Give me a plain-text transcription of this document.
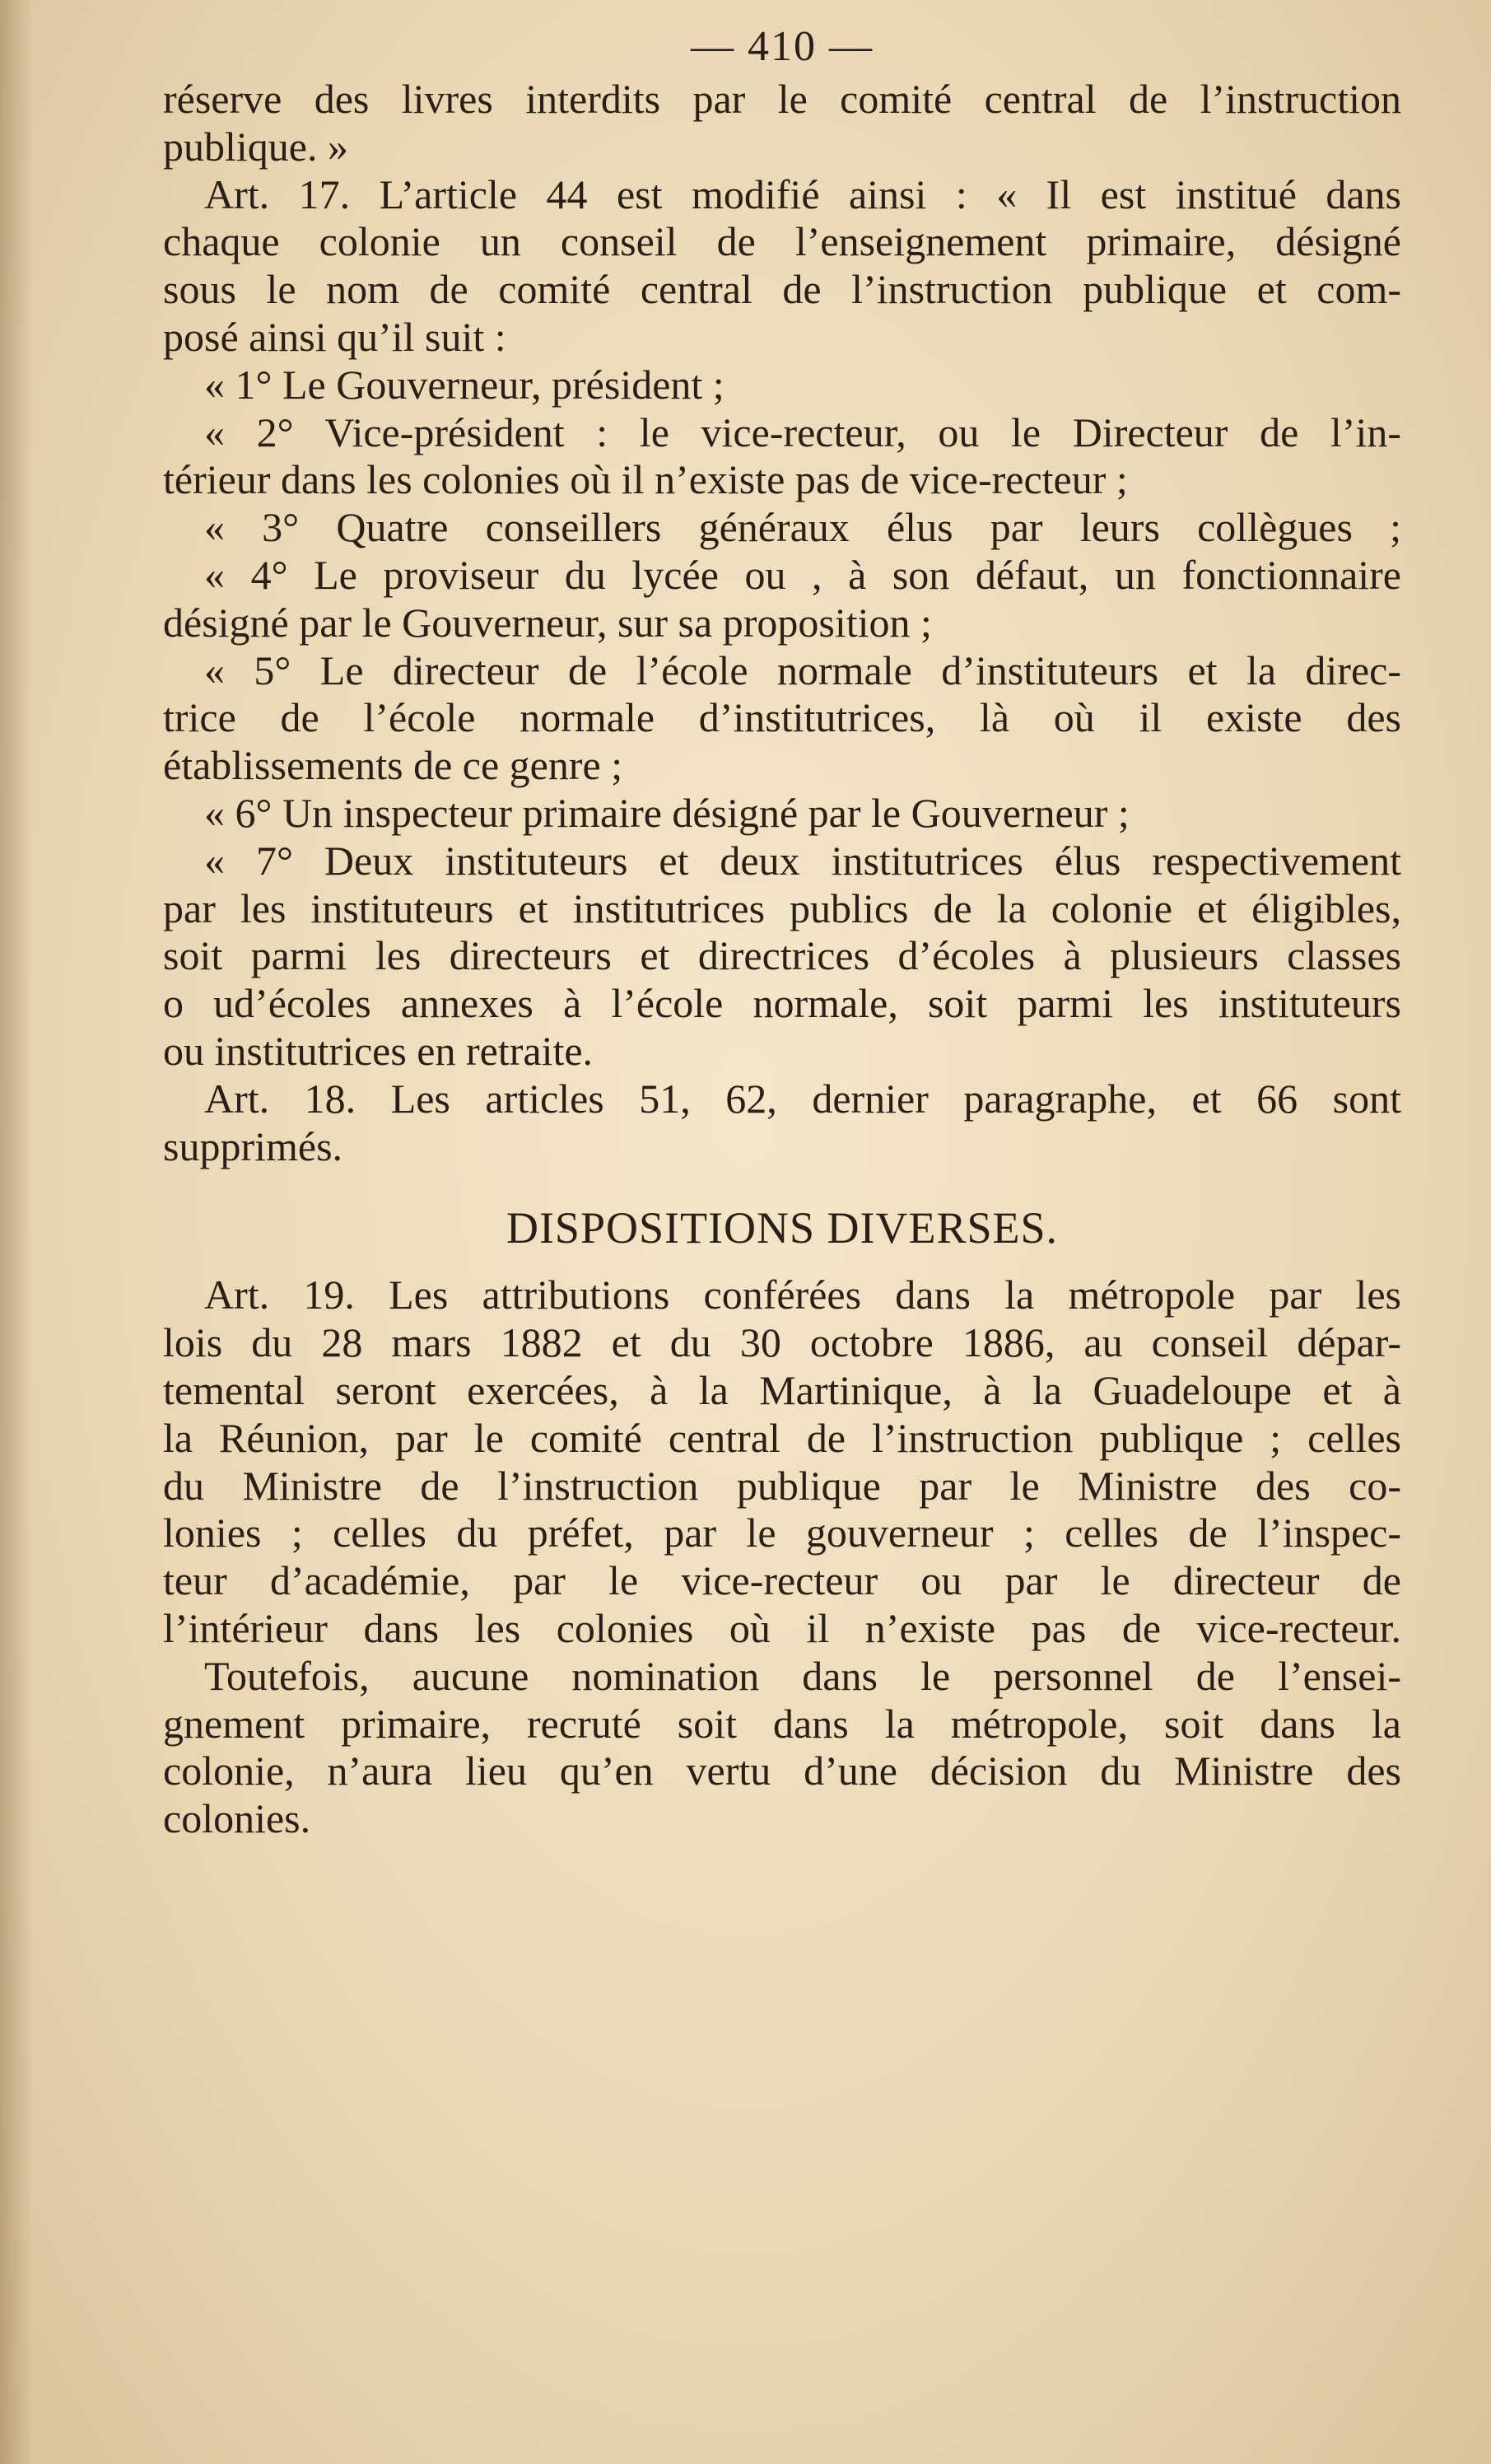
— 410 —
réserve des livres interdits par le comité central de l’instruction
publique. »
Art. 17. L’article 44 est modifié ainsi : « Il est institué dans
chaque colonie un conseil de l’enseignement primaire, désigné
sous le nom de comité central de l’instruction publique et com-
posé ainsi qu’il suit :
« 1° Le Gouverneur, président ;
« 2° Vice-président : le vice-recteur, ou le Directeur de l’in-
térieur dans les colonies où il n’existe pas de vice-recteur ;
« 3° Quatre conseillers généraux élus par leurs collègues ;
« 4° Le proviseur du lycée ou , à son défaut, un fonctionnaire
désigné par le Gouverneur, sur sa proposition ;
« 5° Le directeur de l’école normale d’instituteurs et la direc-
trice de l’école normale d’institutrices, là où il existe des
établissements de ce genre ;
« 6° Un inspecteur primaire désigné par le Gouverneur ;
« 7° Deux instituteurs et deux institutrices élus respectivement
par les instituteurs et institutrices publics de la colonie et éligibles,
soit parmi les directeurs et directrices d’écoles à plusieurs classes
o ud’écoles annexes à l’école normale, soit parmi les instituteurs
ou institutrices en retraite.
Art. 18. Les articles 51, 62, dernier paragraphe, et 66 sont
supprimés.
DISPOSITIONS DIVERSES.
Art. 19. Les attributions conférées dans la métropole par les
lois du 28 mars 1882 et du 30 octobre 1886, au conseil dépar-
temental seront exercées, à la Martinique, à la Guadeloupe et à
la Réunion, par le comité central de l’instruction publique ; celles
du Ministre de l’instruction publique par le Ministre des co-
lonies ; celles du préfet, par le gouverneur ; celles de l’inspec-
teur d’académie, par le vice-recteur ou par le directeur de
l’intérieur dans les colonies où il n’existe pas de vice-recteur.
Toutefois, aucune nomination dans le personnel de l’ensei-
gnement primaire, recruté soit dans la métropole, soit dans la
colonie, n’aura lieu qu’en vertu d’une décision du Ministre des
colonies.
